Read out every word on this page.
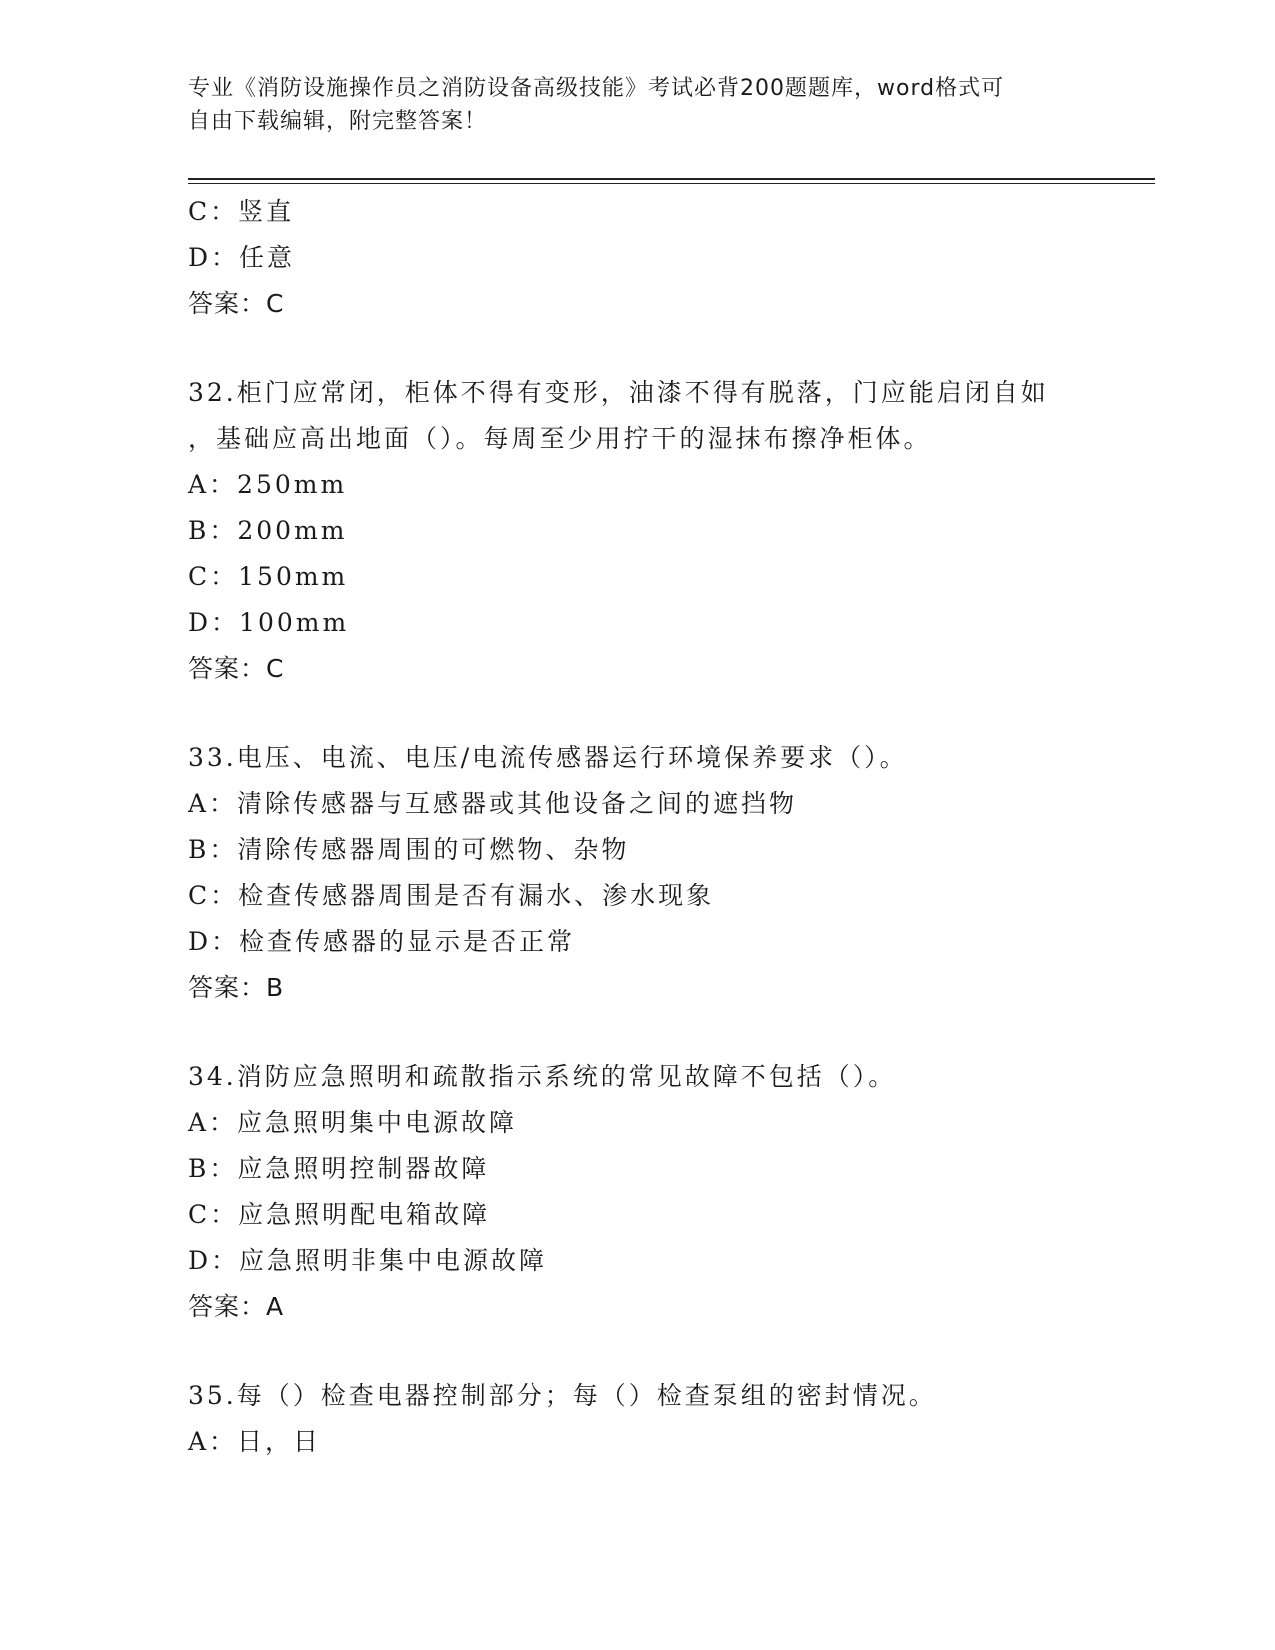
专业《消防设施操作员之消防设备高级技能》考试必背200题题库，word格式可
自由下载编辑，附完整答案！
C：竖直
D：任意
答案：C
32.柜门应常闭，柜体不得有变形，油漆不得有脱落，门应能启闭自如
，基础应高出地面（）。每周至少用拧干的湿抹布擦净柜体。
A：250mm
B：200mm
C：150mm
D：100mm
答案：C
33.电压、电流、电压/电流传感器运行环境保养要求（）。
A：清除传感器与互感器或其他设备之间的遮挡物
B：清除传感器周围的可燃物、杂物
C：检查传感器周围是否有漏水、渗水现象
D：检查传感器的显示是否正常
答案：B
34.消防应急照明和疏散指示系统的常见故障不包括（）。
A：应急照明集中电源故障
B：应急照明控制器故障
C：应急照明配电箱故障
D：应急照明非集中电源故障
答案：A
35.每（）检查电器控制部分；每（）检查泵组的密封情况。
A：日，日
